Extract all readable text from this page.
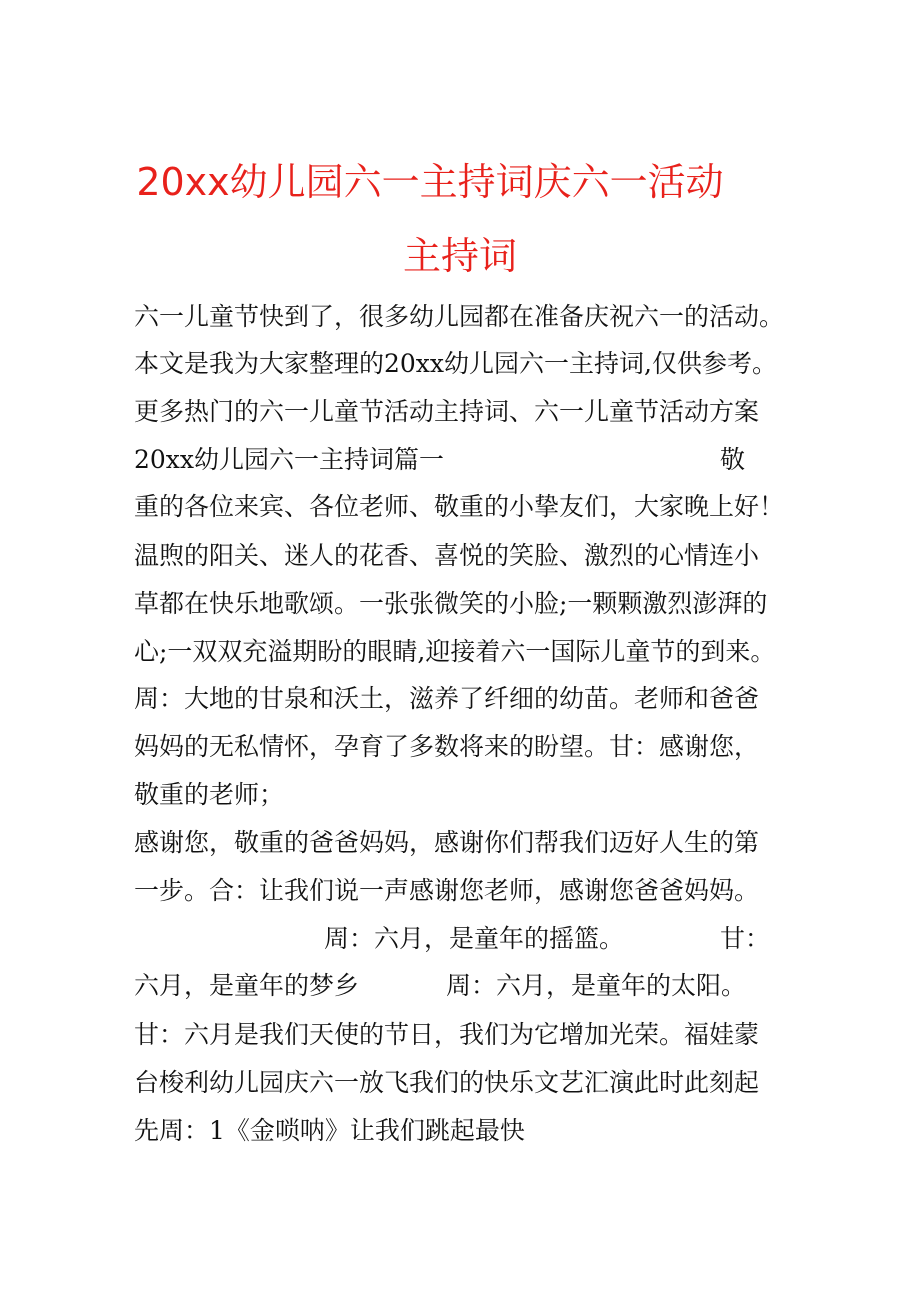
20xx幼儿园六一主持词庆六一活动
主持词

六一儿童节快到了，很多幼儿园都在准备庆祝六一的活动。

本文是我为大家整理的20xx幼儿园六一主持词,仅供参考。

更多热门的六一儿童节活动主持词、六一儿童节活动方案

20xx幼儿园六一主持词篇一	敬

重的各位来宾、各位老师、敬重的小挚友们，大家晚上好！

温煦的阳关、迷人的花香、喜悦的笑脸、激烈的心情连小

草都在快乐地歌颂。一张张微笑的小脸;一颗颗激烈澎湃的

心;一双双充溢期盼的眼睛,迎接着六一国际儿童节的到来。

周：大地的甘泉和沃土，滋养了纤细的幼苗。老师和爸爸

妈妈的无私情怀，孕育了多数将来的盼望。甘：感谢您，

敬重的老师；

感谢您，敬重的爸爸妈妈，感谢你们帮我们迈好人生的第

一步。合：让我们说一声感谢您老师，感谢您爸爸妈妈。

周：六月，是童年的摇篮。	甘：
六月，是童年的梦乡	周：六月，是童年的太阳。

甘：六月是我们天使的节日，我们为它增加光荣。福娃蒙

台梭利幼儿园庆六一放飞我们的快乐文艺汇演此时此刻起

先周：1《金唢呐》让我们跳起最快
